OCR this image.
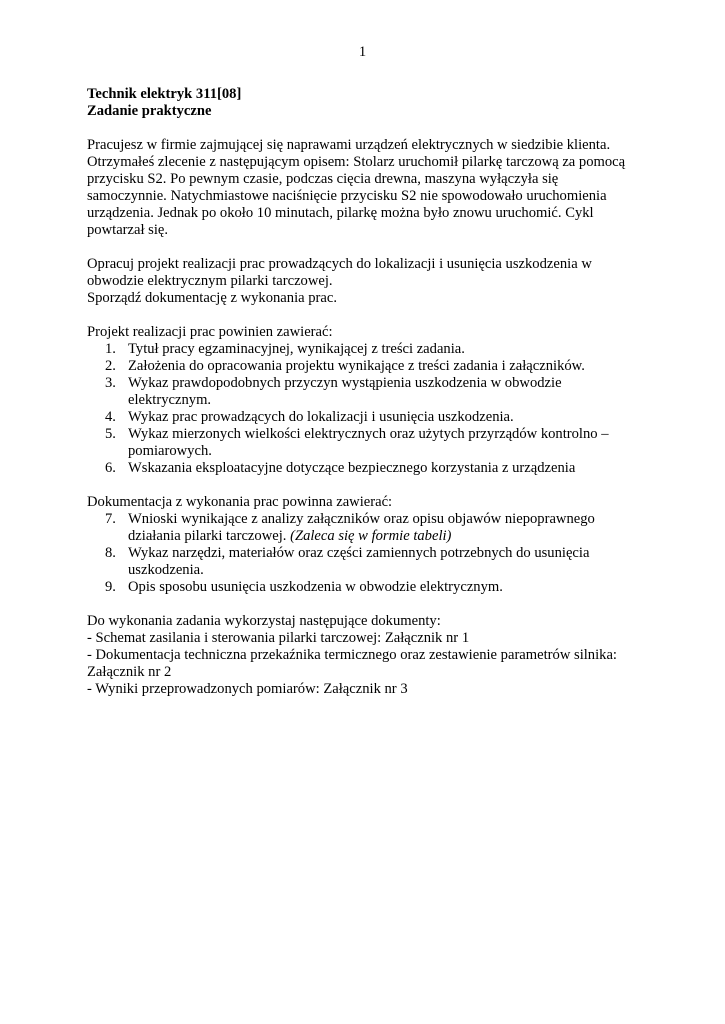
1
Technik elektryk 311[08]
Zadanie praktyczne

Pracujesz w firmie zajmującej się naprawami urządzeń elektrycznych w siedzibie klienta.

Otrzymałeś zlecenie z następującym opisem: Stolarz uruchomił pilarkę tarczową za pomocą

przycisku S2. Po pewnym czasie, podczas cięcia drewna, maszyna wyłączyła się

samoczynnie. Natychmiastowe naciśnięcie przycisku S2 nie spowodowało uruchomienia

urządzenia. Jednak po około 10 minutach, pilarkę można było znowu uruchomić. Cykl

powtarzał się.

Opracuj projekt realizacji prac prowadzących do lokalizacji i usunięcia uszkodzenia w

obwodzie elektrycznym pilarki tarczowej.

Sporządź dokumentację z wykonania prac.

Projekt realizacji prac powinien zawierać:

1. Tytuł pracy egzaminacyjnej, wynikającej z treści zadania.
2. Założenia do opracowania projektu wynikające z treści zadania i załączników.
3. Wykaz prawdopodobnych przyczyn wystąpienia uszkodzenia w obwodzie
elektrycznym.
4. Wykaz prac prowadzących do lokalizacji i usunięcia uszkodzenia.
5. Wykaz mierzonych wielkości elektrycznych oraz użytych przyrządów kontrolno –
pomiarowych.
6. Wskazania eksploatacyjne dotyczące bezpiecznego korzystania z urządzenia

Dokumentacja z wykonania prac powinna zawierać:

7. Wnioski wynikające z analizy załączników oraz opisu objawów niepoprawnego
działania pilarki tarczowej. (Zaleca się w formie tabeli)
8. Wykaz narzędzi, materiałów oraz części zamiennych potrzebnych do usunięcia
uszkodzenia.
9. Opis sposobu usunięcia uszkodzenia w obwodzie elektrycznym.

Do wykonania zadania wykorzystaj następujące dokumenty:

- Schemat zasilania i sterowania pilarki tarczowej: Załącznik nr 1

- Dokumentacja techniczna przekaźnika termicznego oraz zestawienie parametrów silnika:

Załącznik nr 2

- Wyniki przeprowadzonych pomiarów: Załącznik nr 3
